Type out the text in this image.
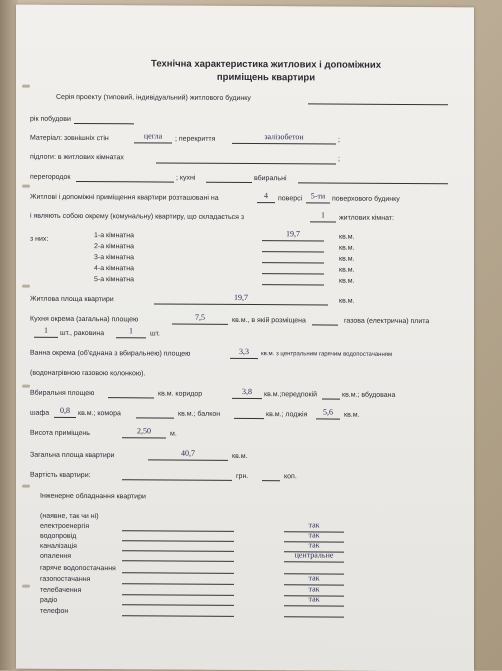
Технічна характеристика житлових і допоміжних
приміщень квартири
Серія проекту (типовий, індивідуальний) житлового будинку
рік побудови
Матеріал: зовнішніх стін	цегла	; перекриття	залізобетон	;
підлоги: в житлових кімнатах	;
перегородок	; кухні	вбиральні
Житлові і допоміжні приміщення квартири розташовані на	4	поверсі	5-ти поверхового будинку
і являють собою окрему (комунальну) квартиру, що складається з	1	житлових кімнат:
з них:	1-а кімнатна	19,7	кв.м.
2-а кімнатна	кв.м.
3-а кімнатна	кв.м.
4-а кімнатна	кв.м.
5-а кімнатна	кв.м.
Житлова площа квартири	19,7	кв.м.
Кухня окрема (загальна) площею	7,5	кв.м., в якій розміщена	газова (електрична) плита
1	шт., раковина	1	шт.
Ванна окрема (об'єднана з вбиральнею) площею	3,3	кв.м. з центральним гарячим водопостачанням
(водонагрівною газовою колонкою).
Вбиральня площею	кв.м. коридор	3,8	кв.м.;передпокій	кв.м.; вбудована
шафа	0,8	кв.м.; комора	кв.м.; балкон	кв.м.; лоджія	5,6	кв.м.
Висота приміщень	2,50	м.
Загальна площа квартири	40,7	кв.м.
Вартість квартири:	грн.	коп.
Інженерне обладнання квартири
(наявне, так чи ні)
електроенергія	так
водопровід	так
каналізація	так
опалення	центральне
гаряче водопостачання
газопостачання	так
телебачення	так
радіо	так
телефон
